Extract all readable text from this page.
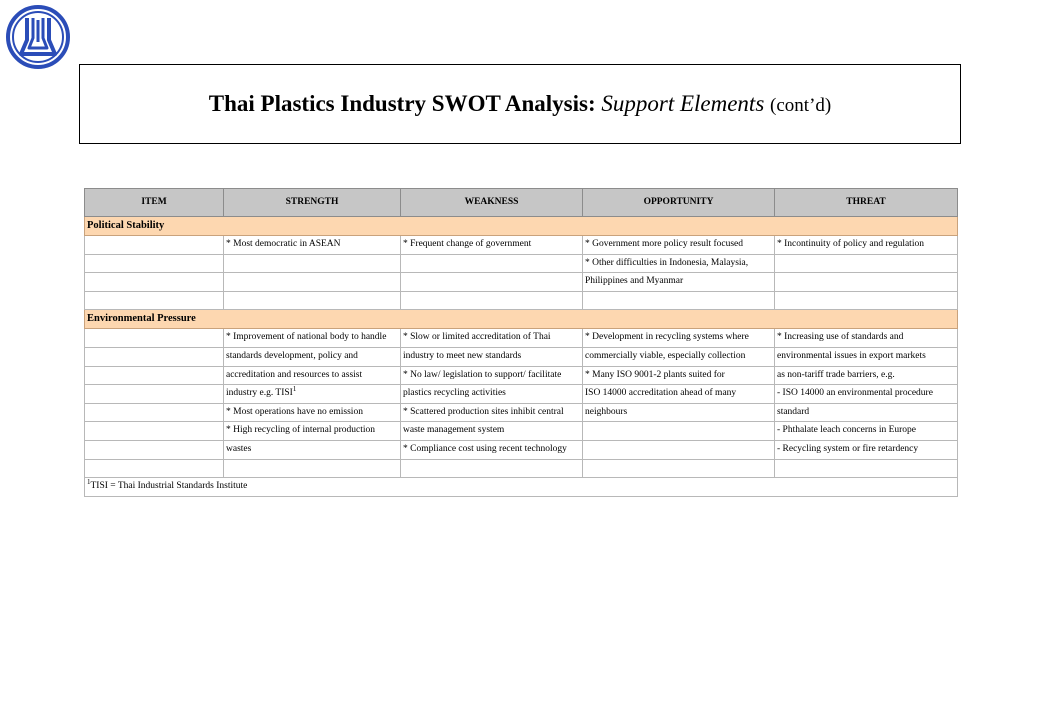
Thai Plastics Industry SWOT Analysis: Support Elements (cont’d)
ITEM	STRENGTH	WEAKNESS	OPPORTUNITY	THREAT
Political Stability				
	* Most democratic in ASEAN	* Frequent change of government	* Government more policy result focused	* Incontinuity of policy and regulation
			* Other difficulties in Indonesia, Malaysia,	
			Philippines and Myanmar	

Environmental Pressure				
	* Improvement of national body to handle	* Slow or limited accreditation of Thai	* Development in recycling systems where	* Increasing use of standards and
	standards development, policy and	industry to meet new standards	commercially viable, especially collection	environmental issues in export markets
	accreditation and resources to assist	* No law/ legislation to support/ facilitate	* Many ISO 9001-2 plants suited for	as non-tariff trade barriers, e.g.
	industry e.g. TISI$^1$	plastics recycling activities	ISO 14000 accreditation ahead of many	- ISO 14000 an environmental procedure
	* Most operations have no emission	* Scattered production sites inhibit central	neighbours	standard
	* High recycling of internal production	waste management system		- Phthalate leach concerns in Europe
	wastes	* Compliance cost using recent technology		- Recycling system or fire retardency

$^1$TISI = Thai Industrial Standards Institute				
